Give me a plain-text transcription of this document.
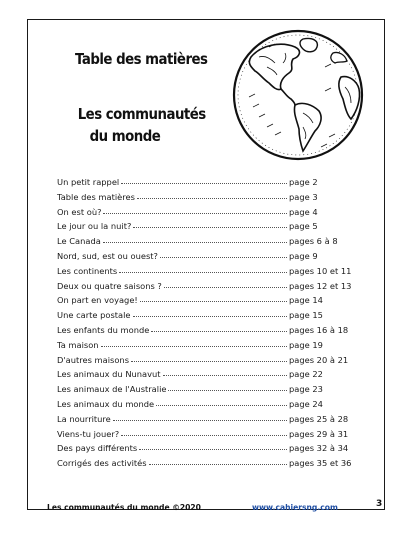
Table des matières
Les communautés
du monde
Un petit rappel	page 2
Table des matières	page 3
On est où?	page 4
Le jour ou la nuit?	page 5
Le Canada	pages 6 à 8
Nord, sud, est ou ouest?	page 9
Les continents	pages 10 et 11
Deux ou quatre saisons ?	pages 12 et 13
On part en voyage!	page 14
Une carte postale	page 15
Les enfants du monde	pages 16 à 18
Ta maison	page 19
D'autres maisons	pages 20 à 21
Les animaux du Nunavut	page 22
Les animaux de l'Australie	page 23
Les animaux du monde	page 24
La nourriture	pages 25 à 28
Viens-tu jouer?	pages 29 à 31
Des pays différents	pages 32 à 34
Corrigés des activités	pages 35 et 36
Les communautés du monde ©2020	www.cahiersng.com	3
